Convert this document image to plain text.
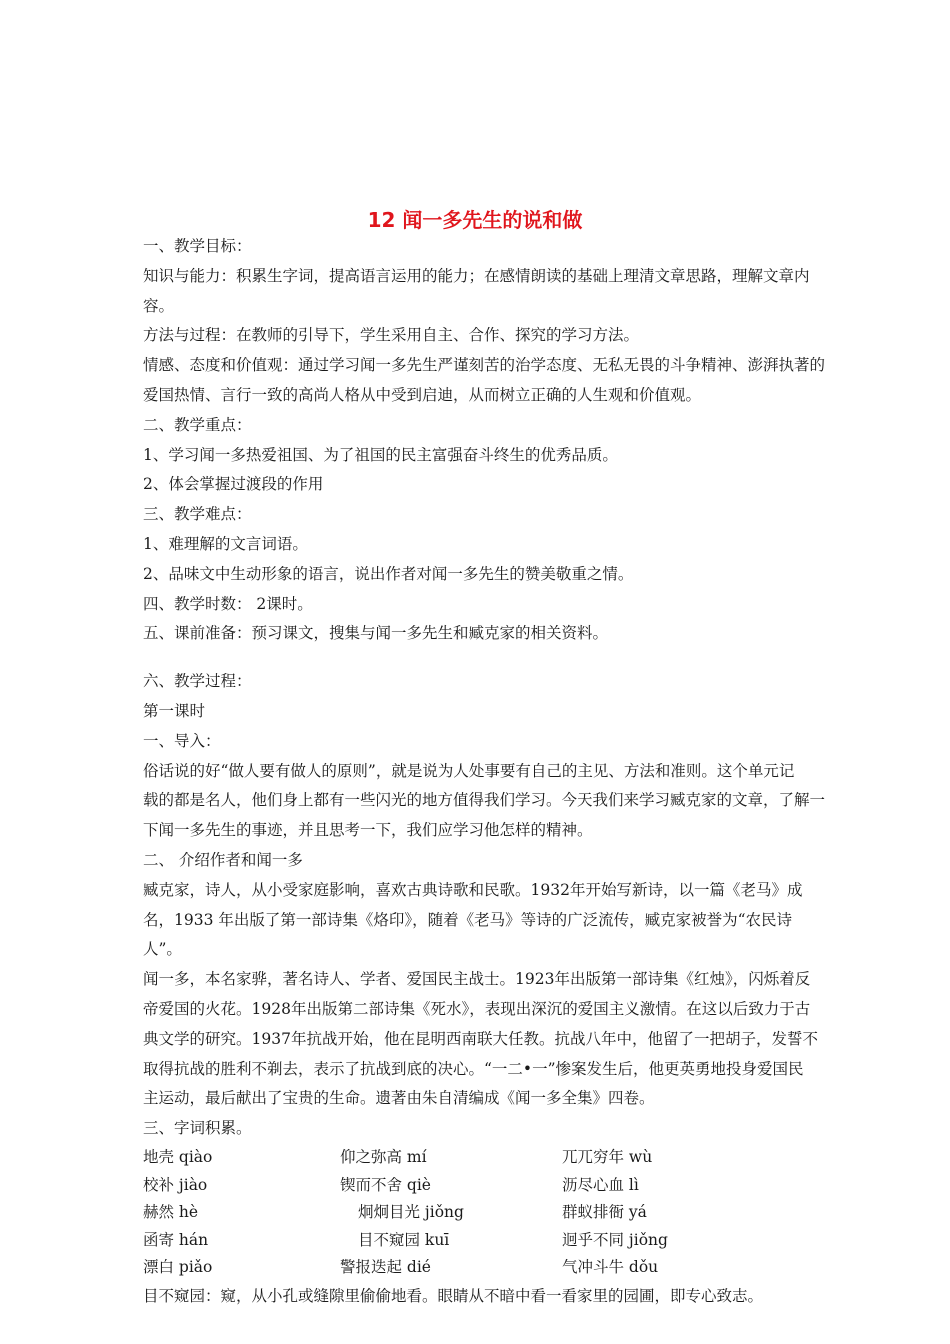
12 闻一多先生的说和做
一、教学目标：
知识与能力：积累生字词，提高语言运用的能力；在感情朗读的基础上理清文章思路，理解文章内
容。
方法与过程：在教师的引导下，学生采用自主、合作、探究的学习方法。
情感、态度和价值观：通过学习闻一多先生严谨刻苦的治学态度、无私无畏的斗争精神、澎湃执著的
爱国热情、言行一致的高尚人格从中受到启迪，从而树立正确的人生观和价值观。
二、教学重点：
1、学习闻一多热爱祖国、为了祖国的民主富强奋斗终生的优秀品质。
2、体会掌握过渡段的作用
三、教学难点：
1、难理解的文言词语。
2、品味文中生动形象的语言，说出作者对闻一多先生的赞美敬重之情。
四、教学时数： 2课时。
五、课前准备：预习课文，搜集与闻一多先生和臧克家的相关资料。
六、教学过程：
第一课时
一、导入：
俗话说的好“做人要有做人的原则”，就是说为人处事要有自己的主见、方法和准则。这个单元记
载的都是名人，他们身上都有一些闪光的地方值得我们学习。今天我们来学习臧克家的文章，了解一
下闻一多先生的事迹，并且思考一下，我们应学习他怎样的精神。
二、 介绍作者和闻一多
臧克家，诗人，从小受家庭影响，喜欢古典诗歌和民歌。1932年开始写新诗，以一篇《老马》成
名，1933 年出版了第一部诗集《烙印》，随着《老马》等诗的广泛流传，臧克家被誉为“农民诗
人”。
闻一多，本名家骅，著名诗人、学者、爱国民主战士。1923年出版第一部诗集《红烛》，闪烁着反
帝爱国的火花。1928年出版第二部诗集《死水》，表现出深沉的爱国主义激情。在这以后致力于古
典文学的研究。1937年抗战开始，他在昆明西南联大任教。抗战八年中，他留了一把胡子，发誓不
取得抗战的胜利不剃去，表示了抗战到底的决心。“一二•一”惨案发生后，他更英勇地投身爱国民
主运动，最后献出了宝贵的生命。遗著由朱自清编成《闻一多全集》四卷。
三、字词积累。
地壳 qiào	仰之弥高 mí	兀兀穷年 wù
校补 jiào	锲而不舍 qiè	沥尽心血 lì
赫然 hè	炯炯目光 jiǒng	群蚁排衙 yá
函寄 hán	目不窥园 kuī	迥乎不同 jiǒng
漂白 piǎo	警报迭起 dié	气冲斗牛 dǒu
目不窥园：窥，从小孔或缝隙里偷偷地看。眼睛从不暗中看一看家里的园圃，即专心致志。
